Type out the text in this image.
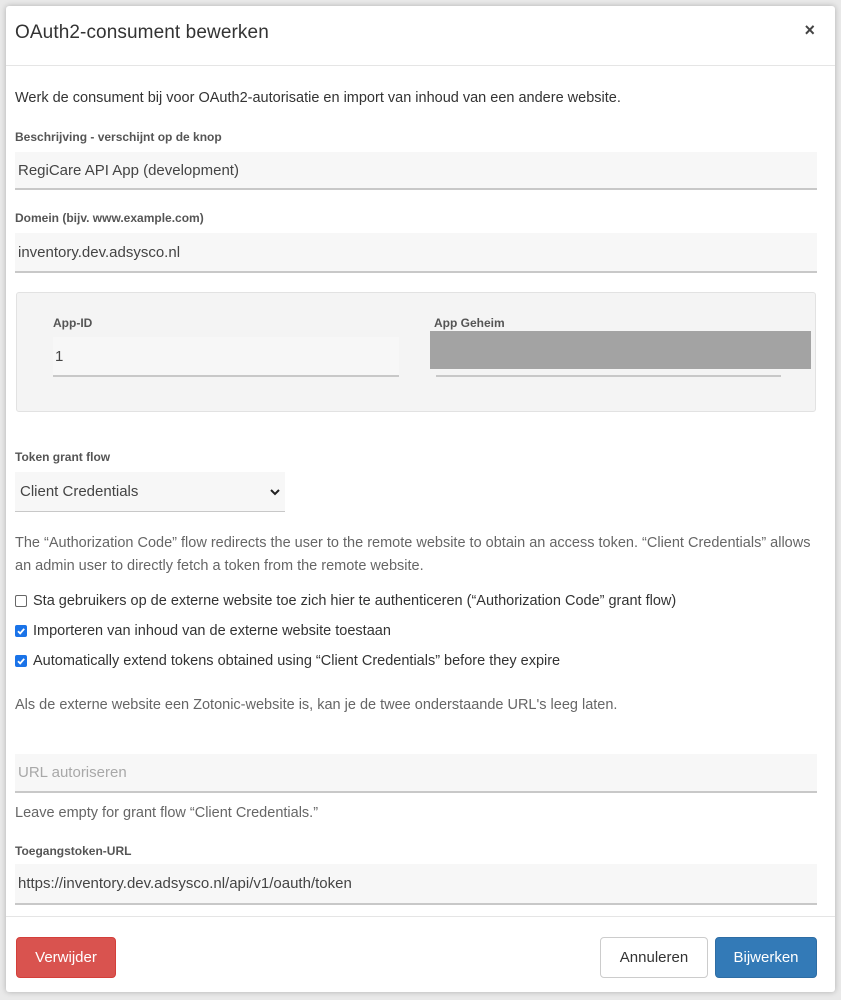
OAuth2-consument bewerken	×
Werk de consument bij voor OAuth2-autorisatie en import van inhoud van een andere website.
Beschrijving - verschijnt op de knop
RegiCare API App (development)
Domein (bijv. www.example.com)
inventory.dev.adsysco.nl
App-ID
1
App Geheim
Token grant flow
Client Credentials
The “Authorization Code” flow redirects the user to the remote website to obtain an access token. “Client Credentials” allows an admin user to directly fetch a token from the remote website.
Sta gebruikers op de externe website toe zich hier te authenticeren (“Authorization Code” grant flow)
Importeren van inhoud van de externe website toestaan
Automatically extend tokens obtained using “Client Credentials” before they expire
Als de externe website een Zotonic-website is, kan je de twee onderstaande URL's leeg laten.
URL autoriseren
Leave empty for grant flow “Client Credentials.”
Toegangstoken-URL
https://inventory.dev.adsysco.nl/api/v1/oauth/token
Verwijder	Annuleren	Bijwerken
